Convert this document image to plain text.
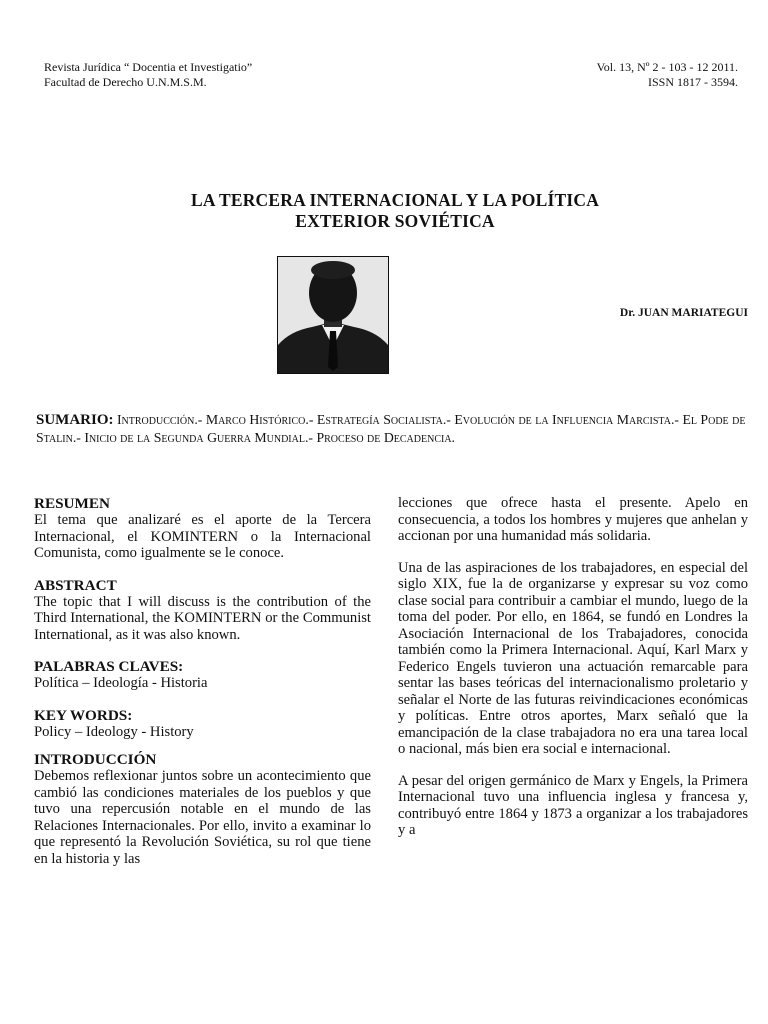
Revista Jurídica “ Docentia et Investigatio”
Facultad de Derecho U.N.M.S.M.
Vol. 13, Nº 2 - 103 - 12 2011.
ISSN 1817 - 3594.
LA TERCERA INTERNACIONAL Y LA POLÍTICA
EXTERIOR SOVIÉTICA
Dr. JUAN MARIATEGUI
SUMARIO: Introducción.- Marco Histórico.- Estrategía Socialista.- Evolución de la Influencia Marcista.- El Pode de Stalin.- Inicio de la Segunda Guerra Mundial.- Proceso de Decadencia.
RESUMEN

El tema que analizaré es el aporte de la Tercera Internacional, el KOMINTERN o la Internacional Comunista, como igualmente se le conoce.

ABSTRACT

The topic that I will discuss is the contribution of the Third International, the KOMINTERN or the Communist International, as it was also known.

PALABRAS CLAVES:

Política – Ideología - Historia

KEY WORDS:

Policy – Ideology - History

INTRODUCCIÓN

Debemos reflexionar juntos sobre un acontecimiento que cambió las condiciones materiales de los pueblos y que tuvo una repercusión notable en el mundo de las Relaciones Internacionales. Por ello, invito a examinar lo que representó la Revolución Soviética, su rol que tiene en la historia y las

lecciones que ofrece hasta el presente. Apelo en consecuencia, a todos los hombres y mujeres que anhelan y accionan por una humanidad más solidaria.

Una de las aspiraciones de los trabajadores, en especial del siglo XIX, fue la de organizarse y expresar su voz como clase social para contribuir a cambiar el mundo, luego de la toma del poder. Por ello, en 1864, se fundó en Londres la Asociación Internacional de los Trabajadores, conocida también como la Primera Internacional. Aquí, Karl Marx y Federico Engels tuvieron una actuación remarcable para sentar las bases teóricas del internacionalismo proletario y señalar el Norte de las futuras reivindicaciones económicas y políticas. Entre otros aportes, Marx señaló que la emancipación de la clase trabajadora no era una tarea local o nacional, más bien era social e internacional.

A pesar del origen germánico de Marx y Engels, la Primera Internacional tuvo una influencia inglesa y francesa y, contribuyó entre 1864 y 1873 a organizar a los trabajadores y a
